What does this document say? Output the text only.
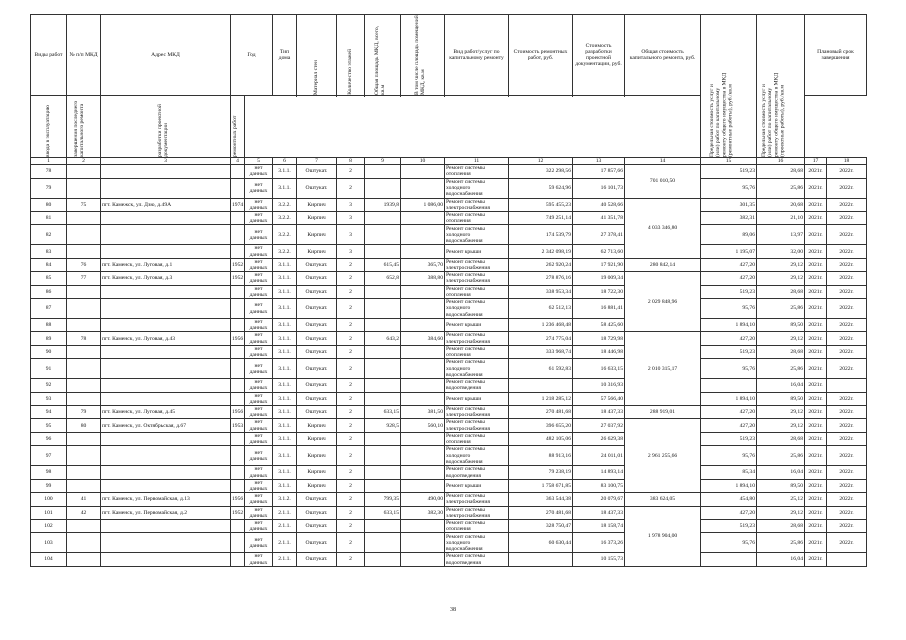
Виды работ	№ п/п МКД	Адрес МКД	Год		Тип дома	Материал стен	Количество этажей	Общая площадь МКД, всего, кв.м	В том числе площадь помещений МКД, кв.м	Вид работ/услуг по капитальному ремонту	Стоимость ремонтных работ, руб.	Стоимость разработки проектной документации, руб.	Общая стоимость капитального ремонта, руб.	Предельная стоимость услуг и (или) работ по капитальному ремонту общего имущества в МКД (ремонтные работы), руб./кв.м	Предельная стоимость услуг и (или) работ по капитальному ремонту общего имущества в МКД (проектные работы), руб./кв.м	Плановый срок завершения	

ввода в эксплуатацию	завершения последнего капитального ремонта	разработки проектной документации	ремонтных работ														

1	2	3	4	5	6	7	8	9	10	11	12	13	14	15	16	17	18
78				нет данных	3.1.1.	Оштукат.	2			Ремонт системы отопления	322 298,56	17 857,66	701 010,50	519,23	28,68	2021г.	2022г.
79				нет данных	3.1.1.	Оштукат.	2			Ремонт системы холодного водоснабжения	59 624,96	16 101,73		95,76	25,86	2021г.	2022г.
80	75	пгт. Камежск, ул. Дзю, д.49А	1974	нет данных	3.2.2.	Кирпич	3	1939,8	1 086,00	Ремонт системы электроснабжения	595 455,23	40 528,66	4 033 346,80	301,35	20,68	2021г.	2022г.
81				нет данных	3.2.2.	Кирпич	3			Ремонт системы отопления	749 251,14	41 351,78		382,31	21,10	2021г.	2022г.
82				нет данных	3.2.2.	Кирпич	3			Ремонт системы холодного водоснабжения	174 539,79	27 378,41		89,06	13,97	2021г.	2022г.
83				нет данных	3.2.2.	Кирпич	3			Ремонт крыши	2 342 098,19	62 713,60		1 195,07	32,00	2021г.	2022г.
84	76	пгт. Каменск, ул. Луговая, д.1	1952	нет данных	3.1.1.	Оштукат.	2	615,45	365,70	Ремонт системы электроснабжения	262 920,24	17 921,90	280 842,14	427,20	29,12	2021г.	2022г.
85	77	пгт. Каменск, ул. Луговая, д.3	1952	нет данных	3.1.1.	Оштукат.	2	652,8	388,80	Ремонт системы электроснабжения	278 876,16	19 009,34	2 029 848,96	427,20	29,12	2021г.	2022г.
86				нет данных	3.1.1.	Оштукат.	2			Ремонт системы отопления	338 953,34	18 722,30		519,23	28,68	2021г.	2022г.
87				нет данных	3.1.1.	Оштукат.	2			Ремонт системы холодного водоснабжения	62 512,13	16 881,41		95,76	25,86	2021г.	2022г.
88				нет данных	3.1.1.	Оштукат.	2			Ремонт крыши	1 236 468,48	58 425,60		1 894,10	89,50	2021г.	2022г.
89	78	пгт. Каменск, ул. Луговая, д.43	1956	нет данных	3.1.1.	Оштукат.	2	643,2	384,60	Ремонт системы электроснабжения	274 775,04	18 729,98	2 010 315,17	427,20	29,12	2021г.	2022г.
90				нет данных	3.1.1.	Оштукат.	2			Ремонт системы отопления	333 968,74	18 446,98		519,23	28,68	2021г.	2022г.
91				нет данных	3.1.1.	Оштукат.	2			Ремонт системы холодного водоснабжения	61 592,83	16 633,15		95,76	25,86	2021г.	2022г.
92				нет данных	3.1.1.	Оштукат.	2			Ремонт системы водоотведения		10 316,93			16,04	2021г.	
93				нет данных	3.1.1.	Оштукат.	2			Ремонт крыши	1 218 285,12	57 566,40		1 894,10	89,50	2021г.	2022г.
94	79	пгт. Каменск, ул. Луговая, д.45	1956	нет данных	3.1.1.	Оштукат.	2	633,15	381,50	Ремонт системы электроснабжения	270 481,68	18 437,33	288 919,01	427,20	29,12	2021г.	2022г.
95	80	пгт. Каменск, ул. Октябрьская, д.67	1953	нет данных	3.1.1.	Кирпич	2	928,5	560,10	Ремонт системы электроснабжения	396 655,20	27 037,92	2 961 255,66	427,20	29,12	2021г.	2022г.
96				нет данных	3.1.1.	Кирпич	2			Ремонт системы отопления	482 105,06	26 629,38		519,23	28,68	2021г.	2022г.
97				нет данных	3.1.1.	Кирпич	2			Ремонт системы холодного водоснабжения	88 913,16	24 011,01		95,76	25,86	2021г.	2022г.
98				нет данных	3.1.1.	Кирпич	2			Ремонт системы водоотведения	79 238,19	14 893,14		85,34	16,04	2021г.	2022г.
99				нет данных	3.1.1.	Кирпич	2			Ремонт крыши	1 758 671,85	83 100,75		1 894,10	89,50	2021г.	2022г.
100	41	пгт. Каменск, ул. Первомайская, д.13	1956	нет данных	3.1.2.	Оштукат.	2	799,35	490,00	Ремонт системы электроснабжения	363 544,38	20 079,67	383 624,05	454,80	25,12	2021г.	2022г.
101	42	пгт. Каменск, ул. Первомайская, д.2	1952	нет данных	2.1.1.	Оштукат.	2	633,15	382,30	Ремонт системы электроснабжения	270 481,68	18 437,33	1 978 904,00	427,20	29,12	2021г.	2022г.
102				нет данных	2.1.1.	Оштукат.	2			Ремонт системы отопления	328 750,47	18 158,74		519,23	28,68	2021г.	2022г.
103				нет данных	2.1.1.	Оштукат.	2			Ремонт системы холодного водоснабжения	60 630,44	16 373,26		95,76	25,86	2021г.	2022г.
104				нет данных	2.1.1.	Оштукат.	2			Ремонт системы водоотведения		10 155,73			16,04	2021г.	
38
